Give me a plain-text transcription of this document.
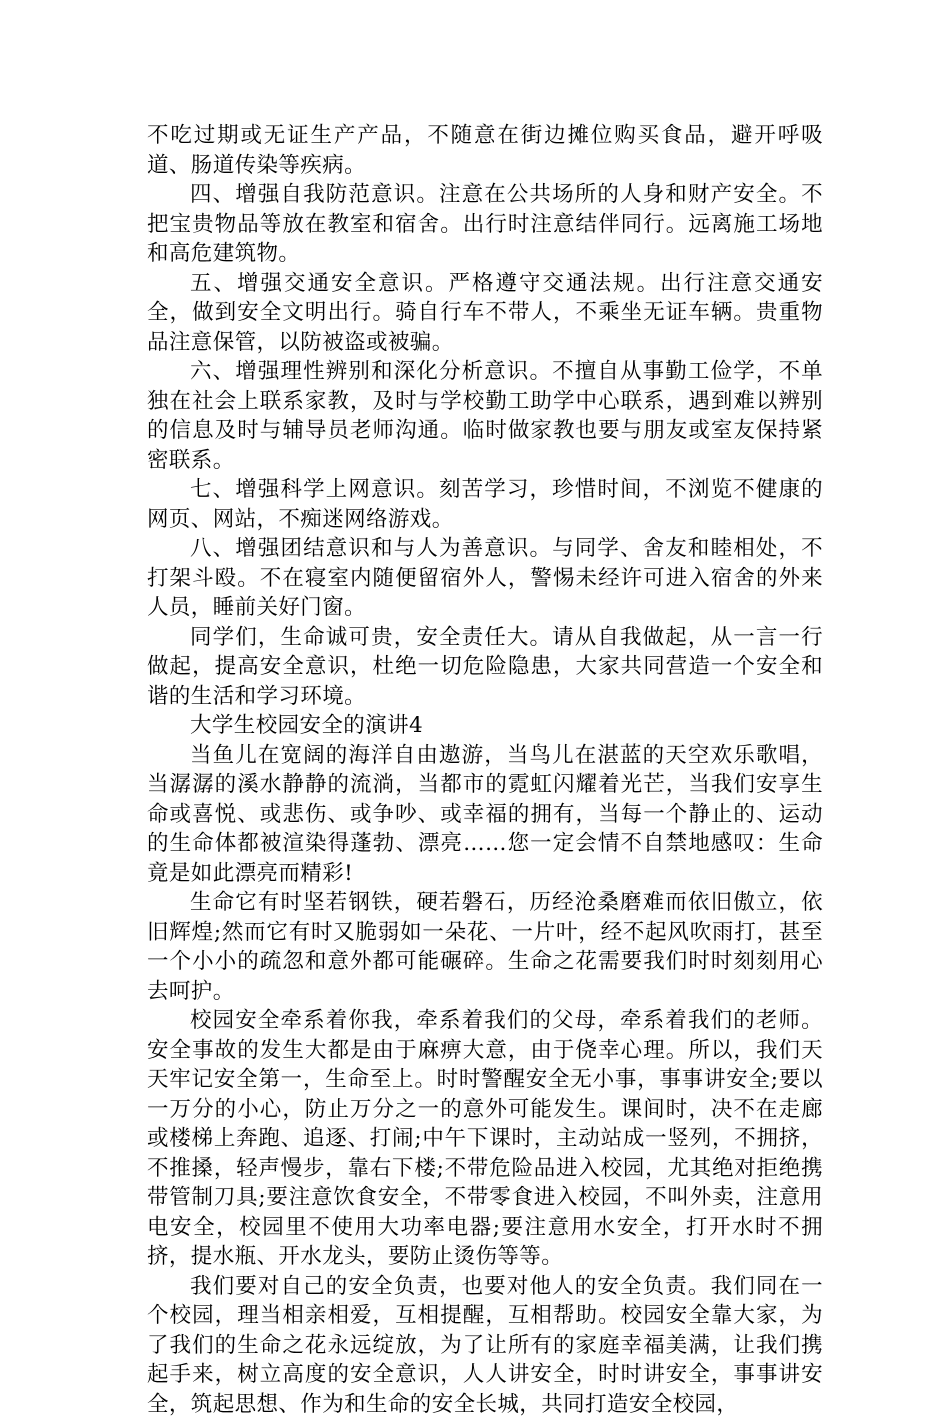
不吃过期或无证生产产品，不随意在街边摊位购买食品，避开呼吸道、肠道传染等疾病。

四、增强自我防范意识。注意在公共场所的人身和财产安全。不把宝贵物品等放在教室和宿舍。出行时注意结伴同行。远离施工场地和高危建筑物。

五、增强交通安全意识。严格遵守交通法规。出行注意交通安全，做到安全文明出行。骑自行车不带人，不乘坐无证车辆。贵重物品注意保管，以防被盗或被骗。

六、增强理性辨别和深化分析意识。不擅自从事勤工俭学，不单独在社会上联系家教，及时与学校勤工助学中心联系，遇到难以辨别的信息及时与辅导员老师沟通。临时做家教也要与朋友或室友保持紧密联系。

七、增强科学上网意识。刻苦学习，珍惜时间，不浏览不健康的网页、网站，不痴迷网络游戏。

八、增强团结意识和与人为善意识。与同学、舍友和睦相处，不打架斗殴。不在寝室内随便留宿外人，警惕未经许可进入宿舍的外来人员，睡前关好门窗。

同学们，生命诚可贵，安全责任大。请从自我做起，从一言一行做起，提高安全意识，杜绝一切危险隐患，大家共同营造一个安全和谐的生活和学习环境。

大学生校园安全的演讲4

当鱼儿在宽阔的海洋自由遨游，当鸟儿在湛蓝的天空欢乐歌唱，当潺潺的溪水静静的流淌，当都市的霓虹闪耀着光芒，当我们安享生命或喜悦、或悲伤、或争吵、或幸福的拥有，当每一个静止的、运动的生命体都被渲染得蓬勃、漂亮……您一定会情不自禁地感叹：生命竟是如此漂亮而精彩!

生命它有时坚若钢铁，硬若磐石，历经沧桑磨难而依旧傲立，依旧辉煌;然而它有时又脆弱如一朵花、一片叶，经不起风吹雨打，甚至一个小小的疏忽和意外都可能碾碎。生命之花需要我们时时刻刻用心去呵护。

校园安全牵系着你我，牵系着我们的父母，牵系着我们的老师。安全事故的发生大都是由于麻痹大意，由于侥幸心理。所以，我们天天牢记安全第一，生命至上。时时警醒安全无小事，事事讲安全;要以一万分的小心，防止万分之一的意外可能发生。课间时，决不在走廊或楼梯上奔跑、追逐、打闹;中午下课时，主动站成一竖列，不拥挤，不推搡，轻声慢步，靠右下楼;不带危险品进入校园，尤其绝对拒绝携带管制刀具;要注意饮食安全，不带零食进入校园，不叫外卖，注意用电安全，校园里不使用大功率电器;要注意用水安全，打开水时不拥挤，提水瓶、开水龙头，要防止烫伤等等。

我们要对自己的安全负责，也要对他人的安全负责。我们同在一个校园，理当相亲相爱，互相提醒，互相帮助。校园安全靠大家，为了我们的生命之花永远绽放，为了让所有的家庭幸福美满，让我们携起手来，树立高度的安全意识，人人讲安全，时时讲安全，事事讲安全，筑起思想、作为和生命的安全长城，共同打造安全校园，
